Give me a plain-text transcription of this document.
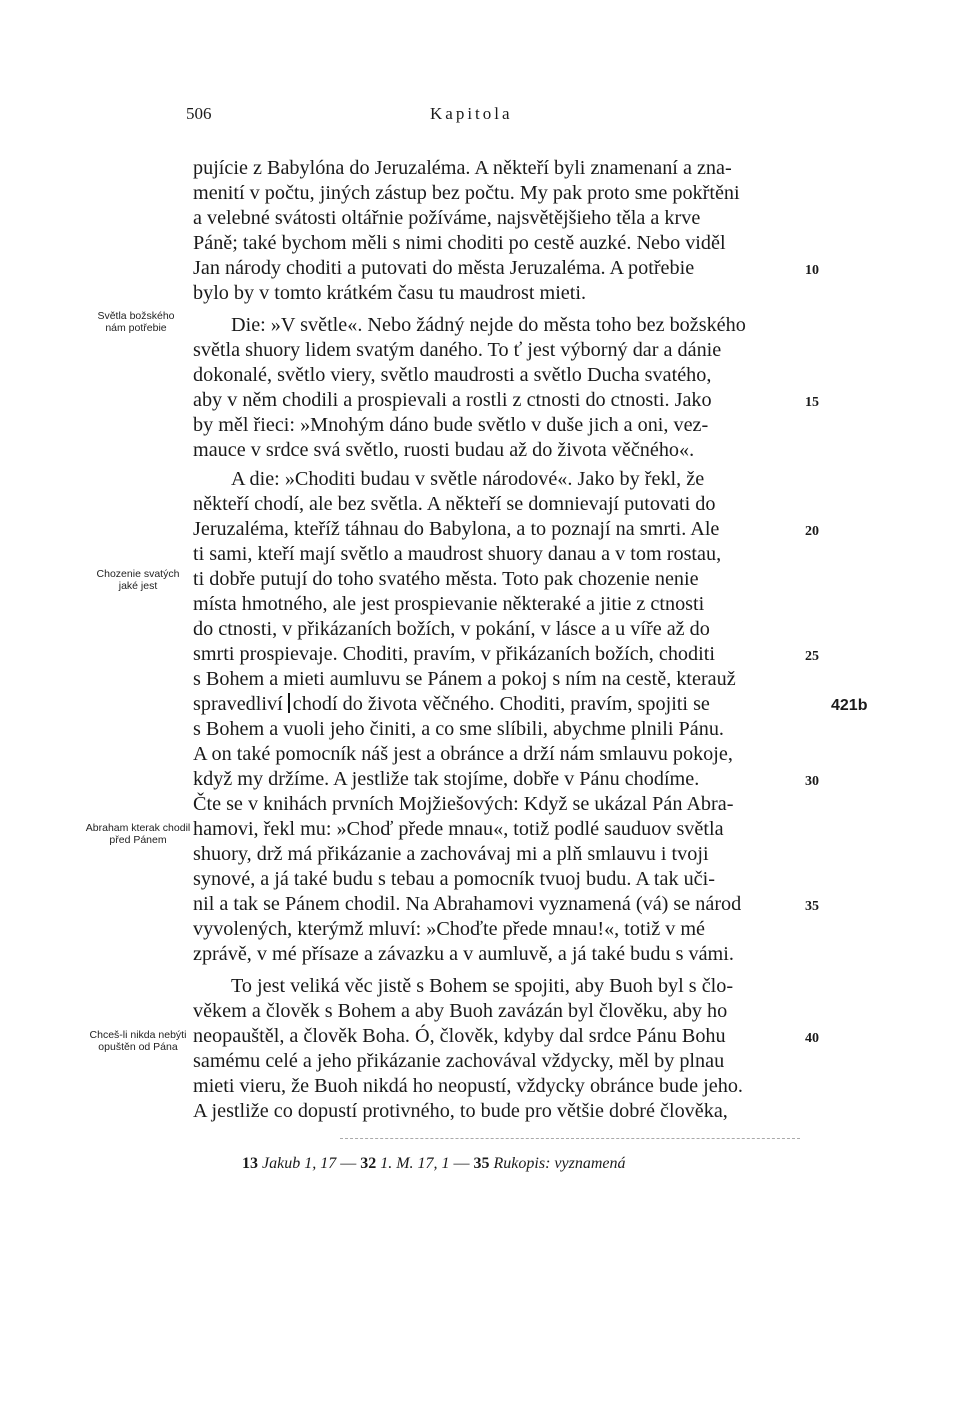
506	Kapitola
pujície z Babylóna do Jeruzaléma. A někteří byli znamenaní a zna-
menití v počtu, jiných zástup bez počtu. My pak proto sme pokřtěni
a velebné svátosti oltářnie požíváme, najsvětějšieho těla a krve
Páně; také bychom měli s nimi choditi po cestě auzké. Nebo viděl
Jan národy choditi a putovati do města Jeruzaléma. A potřebie
bylo by v tomto krátkém času tu maudrost mieti.
Die: »V světle«. Nebo žádný nejde do města toho bez božského
světla shuory lidem svatým daného. To ť jest výborný dar a dánie
dokonalé, světlo viery, světlo maudrosti a světlo Ducha svatého,
aby v něm chodili a prospievali a rostli z ctnosti do ctnosti. Jako
by měl řieci: »Mnohým dáno bude světlo v duše jich a oni, vez-
mauce v srdce svá světlo, ruosti budau až do života věčného«.
A die: »Choditi budau v světle národové«. Jako by řekl, že
někteří chodí, ale bez světla. A někteří se domnievají putovati do
Jeruzaléma, kteříž táhnau do Babylona, a to poznají na smrti. Ale
ti sami, kteří mají světlo a maudrost shuory danau a v tom rostau,
ti dobře putují do toho svatého města. Toto pak chozenie nenie
místa hmotného, ale jest prospievanie některaké a jitie z ctnosti
do ctnosti, v přikázaních božích, v pokání, v lásce a u víře až do
smrti prospievaje. Choditi, pravím, v přikázaních božích, choditi
s Bohem a mieti aumluvu se Pánem a pokoj s ním na cestě, kterauž
spravedliví chodí do života věčného. Choditi, pravím, spojiti se
s Bohem a vuoli jeho činiti, a co sme slíbili, abychme plnili Pánu.
A on také pomocník náš jest a obránce a drží nám smlauvu pokoje,
když my držíme. A jestliže tak stojíme, dobře v Pánu chodíme.
Čte se v knihách prvních Mojžiešových: Když se ukázal Pán Abra-
hamovi, řekl mu: »Choď přede mnau«, totiž podlé sauduov světla
shuory, drž má přikázanie a zachovávaj mi a plň smlauvu i tvoji
synové, a já také budu s tebau a pomocník tvuoj budu. A tak uči-
nil a tak se Pánem chodil. Na Abrahamovi vyznamená (vá) se národ
vyvolených, kterýmž mluví: »Choďte přede mnau!«, totiž v mé
zprávě, v mé přísaze a závazku a v aumluvě, a já také budu s vámi.
To jest veliká věc jistě s Bohem se spojiti, aby Buoh byl s člo-
věkem a člověk s Bohem a aby Buoh zavázán byl člověku, aby ho
neopauštěl, a člověk Boha. Ó, člověk, kdyby dal srdce Pánu Bohu
samému celé a jeho přikázanie zachovával vždycky, měl by plnau
mieti vieru, že Buoh nikdá ho neopustí, vždycky obránce bude jeho.
A jestliže co dopustí protivného, to bude pro většie dobré člověka,
10
15
20
25
30
35
40
Světla božského nám potřebie
Chozenie svatých jaké jest
Abraham kterak chodil před Pánem
Chceš-li nikda nebýti opuštěn od Pána
421b
13 Jakub 1, 17 — 32 1. M. 17, 1 — 35 Rukopis: vyznamená
